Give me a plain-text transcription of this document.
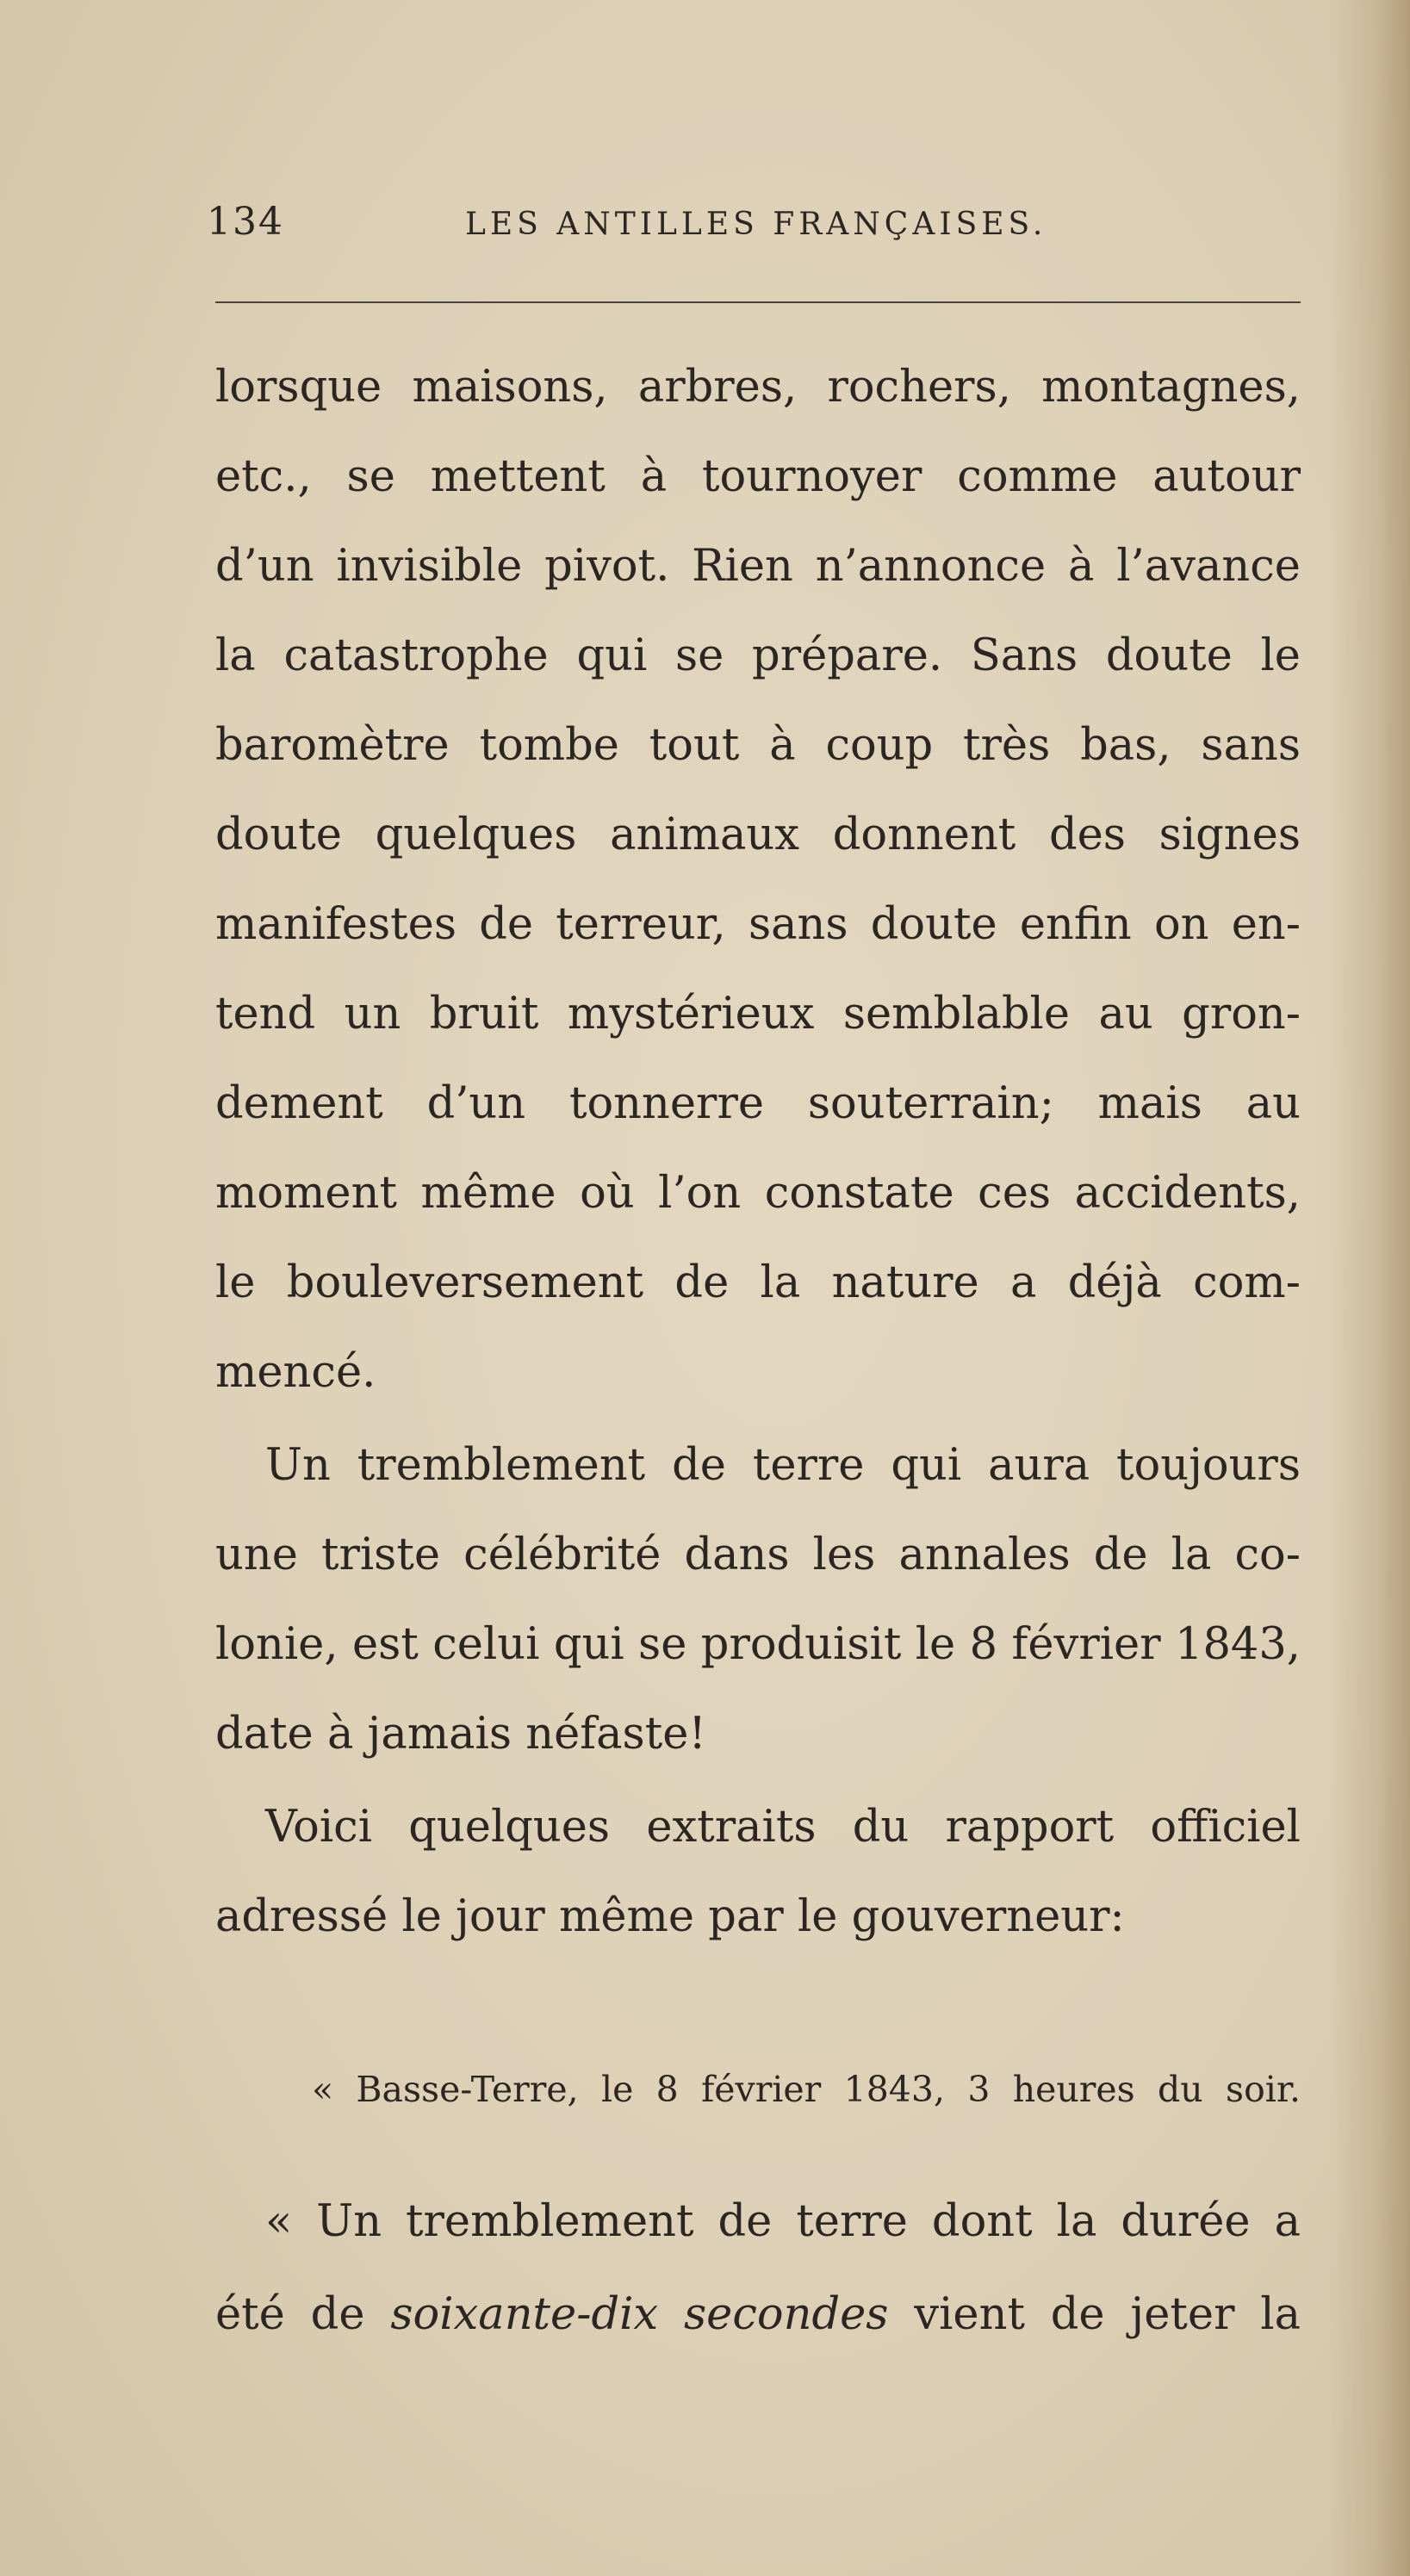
134	LES ANTILLES FRANÇAISES.
lorsque maisons, arbres, rochers, montagnes,
etc., se mettent à tournoyer comme autour
d’un invisible pivot. Rien n’annonce à l’avance
la catastrophe qui se prépare. Sans doute le
baromètre tombe tout à coup très bas, sans
doute quelques animaux donnent des signes
manifestes de terreur, sans doute enfin on en-
tend un bruit mystérieux semblable au gron-
dement d’un tonnerre souterrain; mais au
moment même où l’on constate ces accidents,
le bouleversement de la nature a déjà com-
mencé.
Un tremblement de terre qui aura toujours
une triste célébrité dans les annales de la co-
lonie, est celui qui se produisit le 8 février 1843,
date à jamais néfaste!
Voici quelques extraits du rapport officiel
adressé le jour même par le gouverneur:
« Basse-Terre, le 8 février 1843, 3 heures du soir.
« Un tremblement de terre dont la durée a
été de soixante-dix secondes vient de jeter la
